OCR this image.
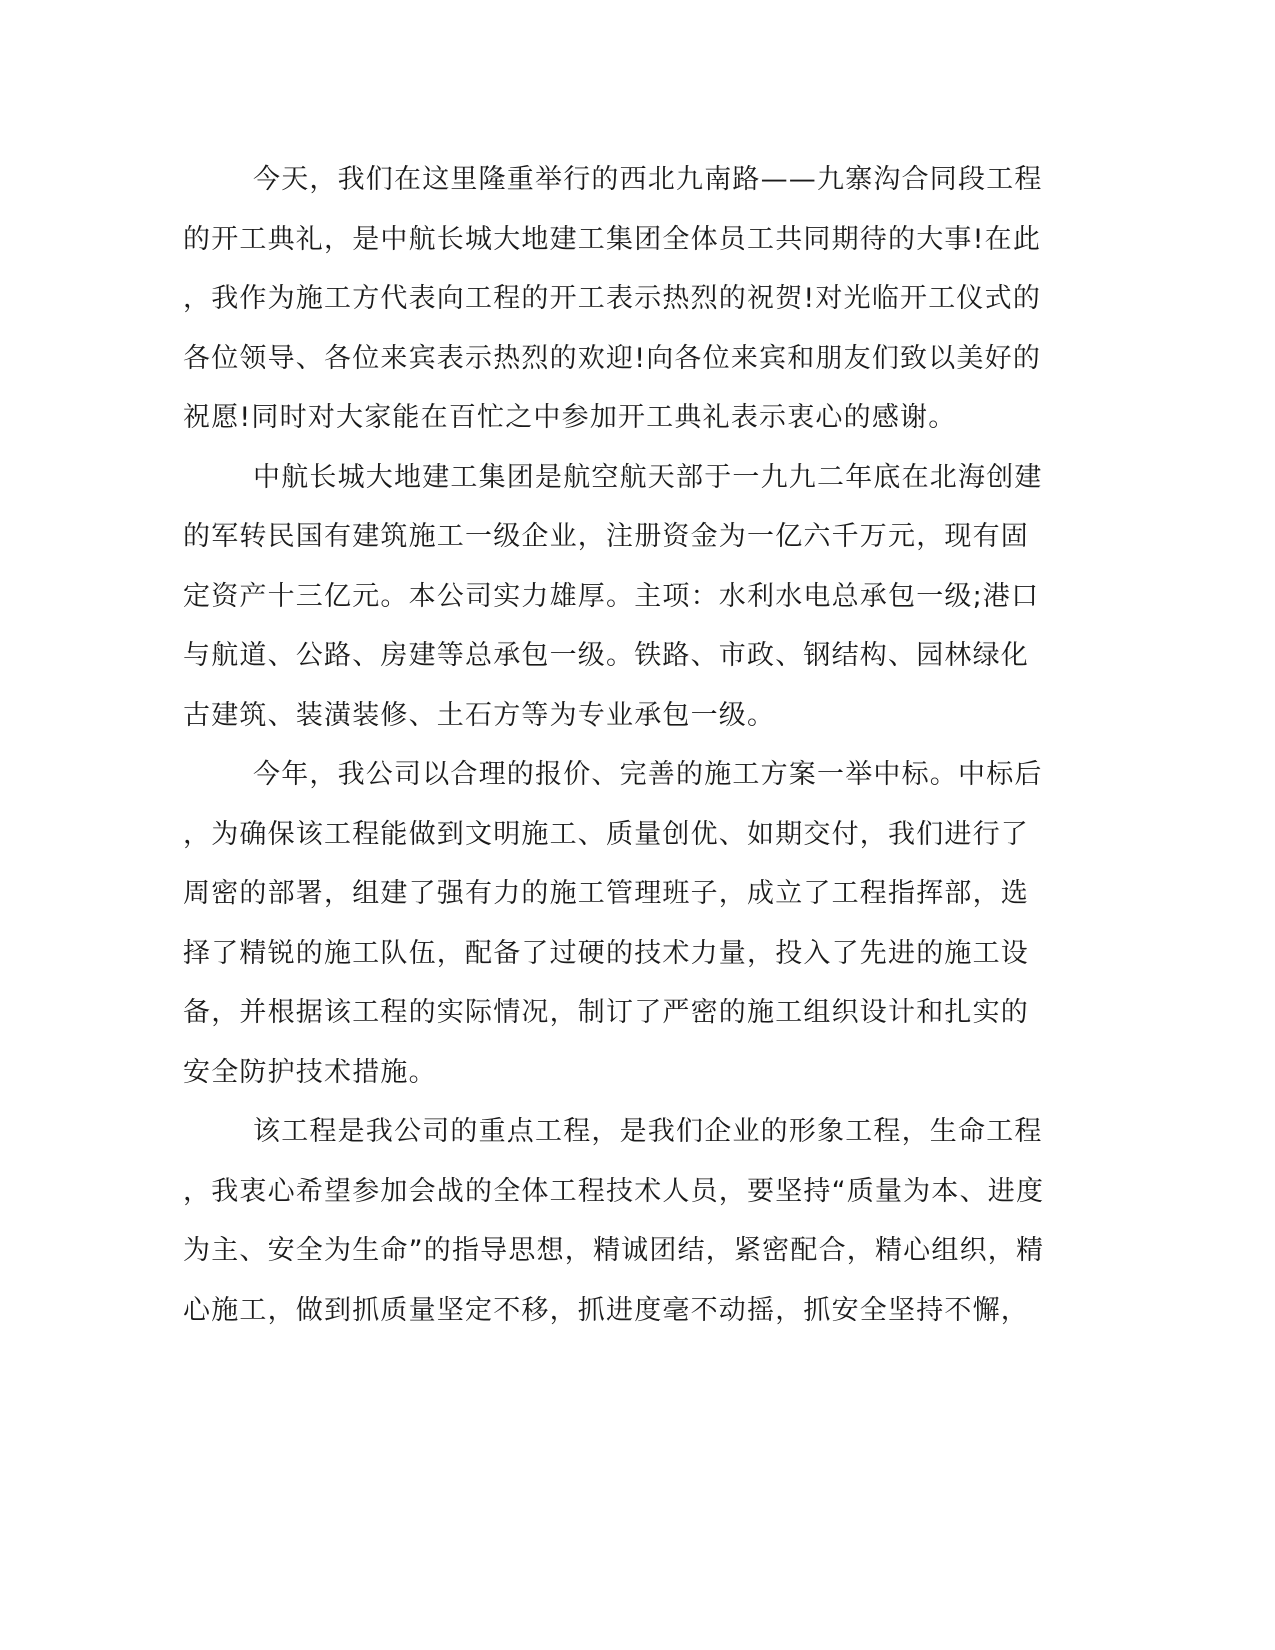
今天，我们在这里隆重举行的西北九南路——九寨沟合同段工程
的开工典礼，是中航长城大地建工集团全体员工共同期待的大事!在此
，我作为施工方代表向工程的开工表示热烈的祝贺!对光临开工仪式的
各位领导、各位来宾表示热烈的欢迎!向各位来宾和朋友们致以美好的
祝愿!同时对大家能在百忙之中参加开工典礼表示衷心的感谢。
中航长城大地建工集团是航空航天部于一九九二年底在北海创建
的军转民国有建筑施工一级企业，注册资金为一亿六千万元，现有固
定资产十三亿元。本公司实力雄厚。主项：水利水电总承包一级;港口
与航道、公路、房建等总承包一级。铁路、市政、钢结构、园林绿化
古建筑、装潢装修、土石方等为专业承包一级。
今年，我公司以合理的报价、完善的施工方案一举中标。中标后
，为确保该工程能做到文明施工、质量创优、如期交付，我们进行了
周密的部署，组建了强有力的施工管理班子，成立了工程指挥部，选
择了精锐的施工队伍，配备了过硬的技术力量，投入了先进的施工设
备，并根据该工程的实际情况，制订了严密的施工组织设计和扎实的
安全防护技术措施。
该工程是我公司的重点工程，是我们企业的形象工程，生命工程
，我衷心希望参加会战的全体工程技术人员，要坚持“质量为本、进度
为主、安全为生命”的指导思想，精诚团结，紧密配合，精心组织，精
心施工，做到抓质量坚定不移，抓进度毫不动摇，抓安全坚持不懈，
